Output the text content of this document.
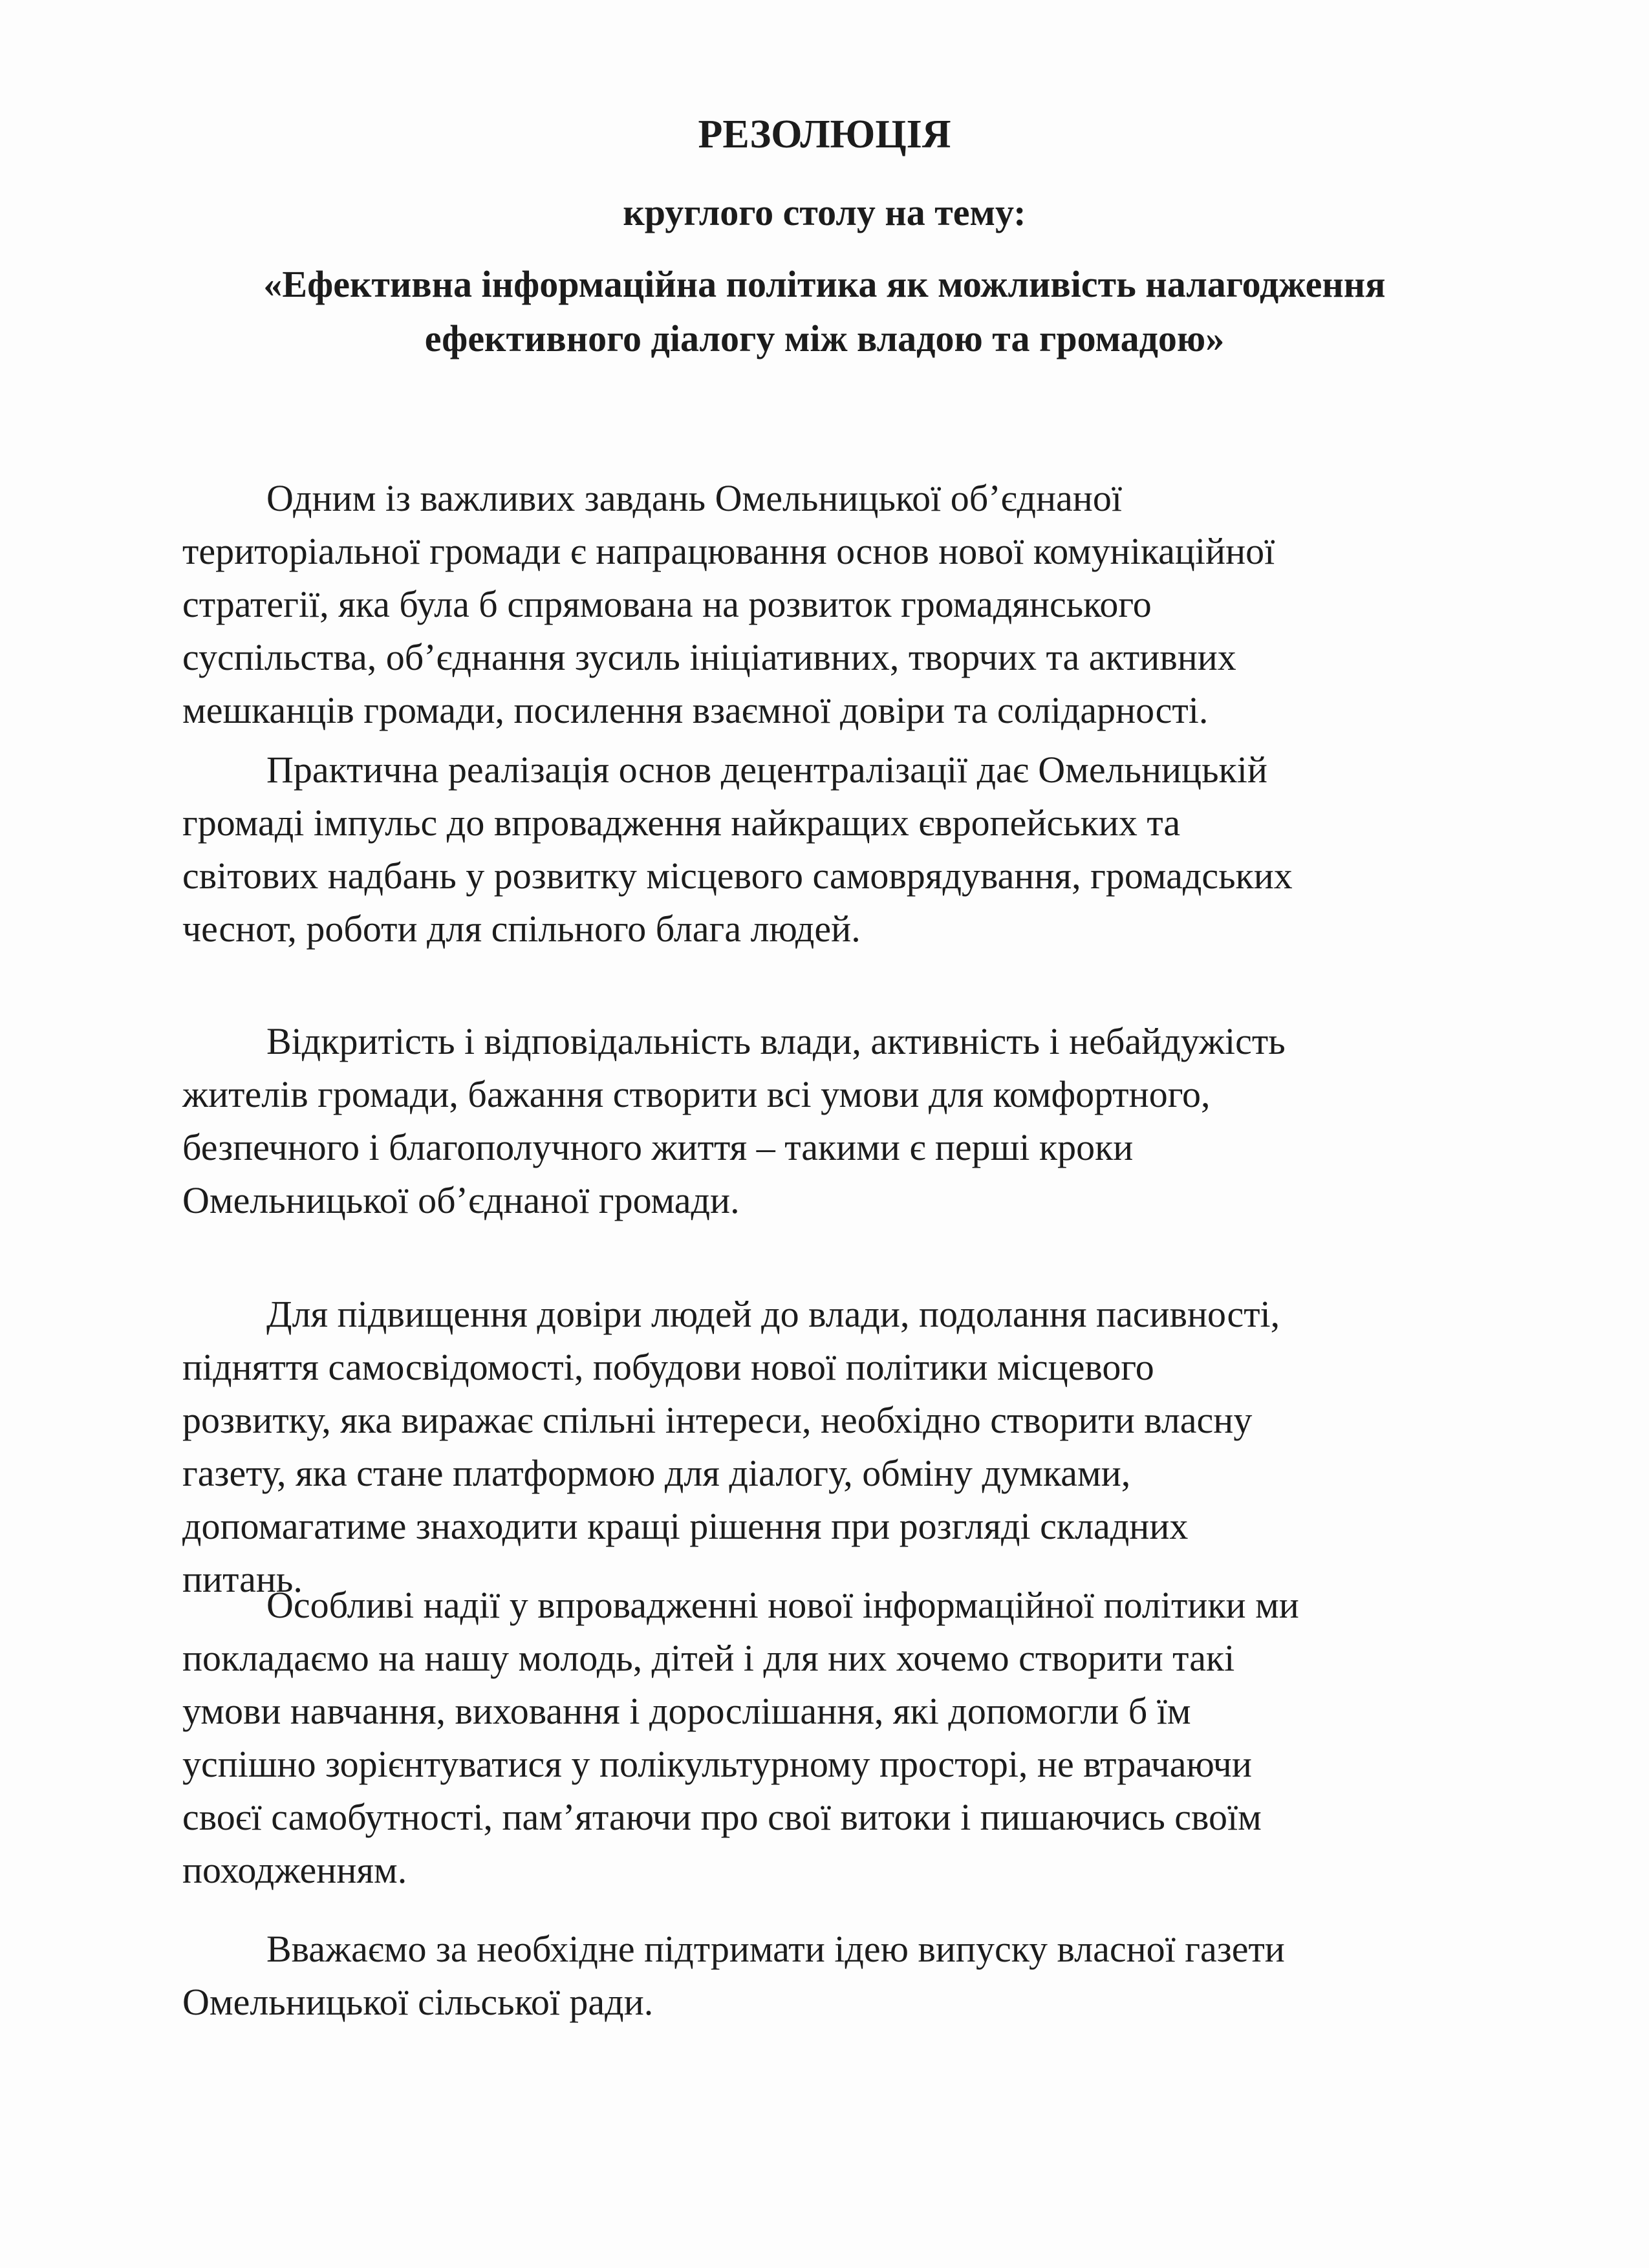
РЕЗОЛЮЦІЯ
круглого столу на тему:
«Ефективна інформаційна політика як можливість налагодження
ефективного діалогу між владою та громадою»
Одним із важливих завдань Омельницької об’єднаної
територіальної громади є напрацювання основ нової комунікаційної
стратегії, яка була б спрямована на розвиток громадянського
суспільства, об’єднання зусиль ініціативних, творчих та активних
мешканців громади, посилення взаємної довіри та солідарності.
Практична реалізація основ децентралізації дає Омельницькій
громаді імпульс до впровадження найкращих європейських та
світових надбань у розвитку місцевого самоврядування, громадських
чеснот, роботи для спільного блага людей.
Відкритість і відповідальність влади, активність і небайдужість
жителів громади, бажання створити всі умови для комфортного,
безпечного і благополучного життя – такими є перші кроки
Омельницької об’єднаної громади.
Для підвищення довіри людей до влади, подолання пасивності,
підняття самосвідомості, побудови нової політики місцевого
розвитку, яка виражає спільні інтереси, необхідно створити власну
газету, яка стане платформою для діалогу, обміну думками,
допомагатиме знаходити кращі рішення при розгляді складних
питань.
Особливі надії у впровадженні нової інформаційної політики ми
покладаємо на нашу молодь, дітей і для них хочемо створити такі
умови навчання, виховання і дорослішання, які допомогли б їм
успішно зорієнтуватися у полікультурному просторі, не втрачаючи
своєї самобутності, пам’ятаючи про свої витоки і пишаючись своїм
походженням.
Вважаємо за необхідне підтримати ідею випуску власної газети
Омельницької сільської ради.
